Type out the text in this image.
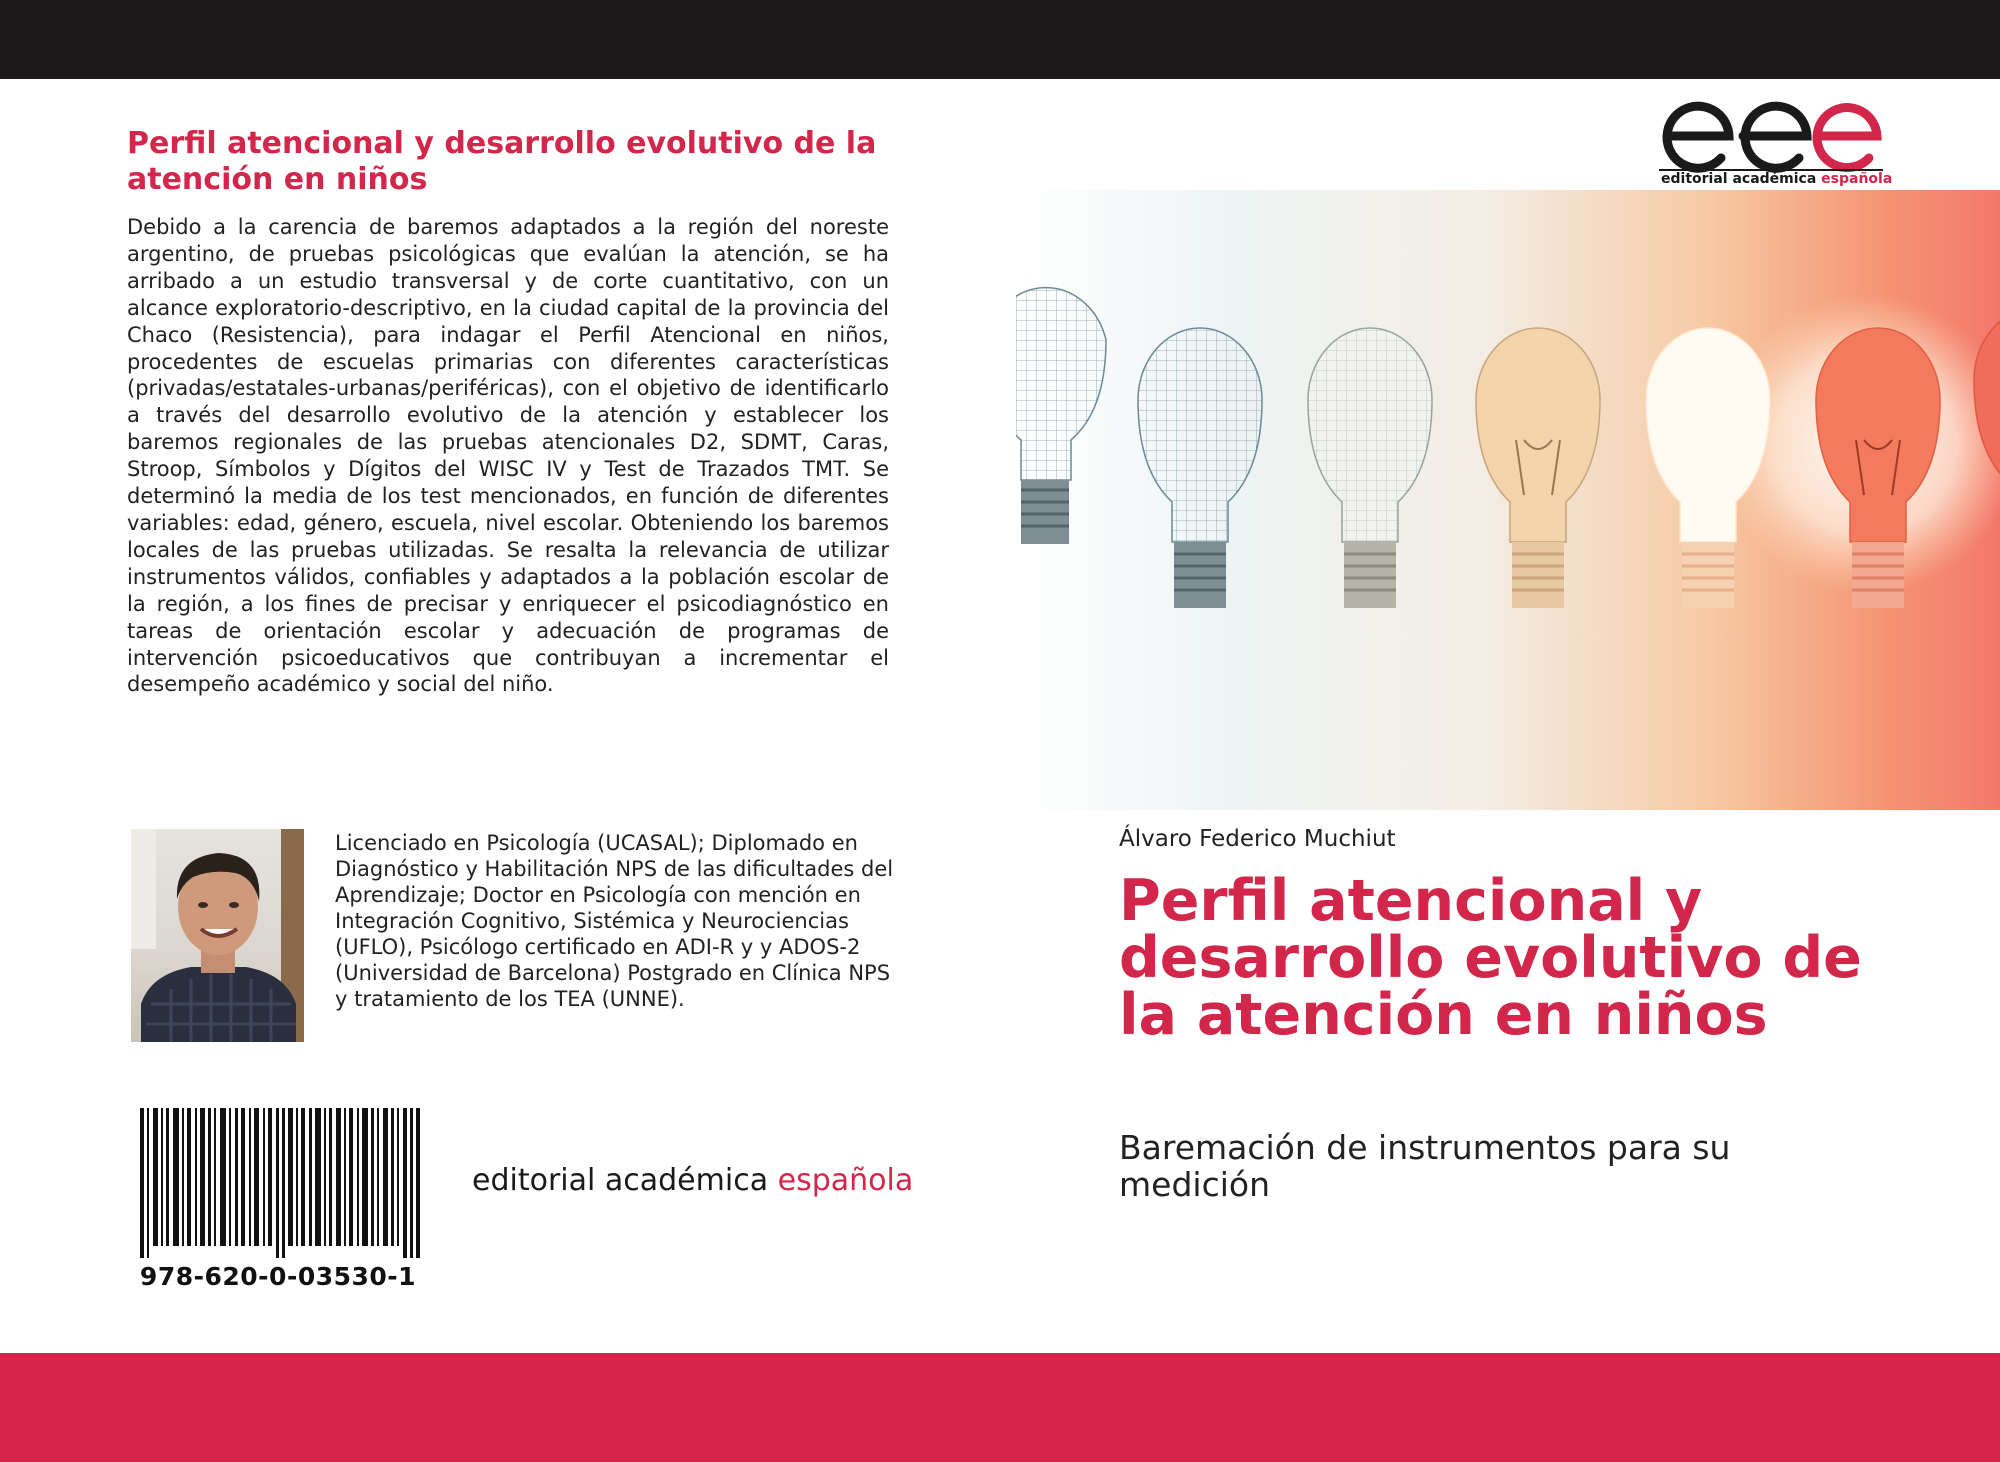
Perfil atencional y desarrollo evolutivo de la atención en niños

Debido a la carencia de baremos adaptados a la región del noreste argentino, de pruebas psicológicas que evalúan la atención, se ha arribado a un estudio transversal y de corte cuantitativo, con un alcance exploratorio-descriptivo, en la ciudad capital de la provincia del Chaco (Resistencia), para indagar el Perfil Atencional en niños, procedentes de escuelas primarias con diferentes características (privadas/estatales-urbanas/periféricas), con el objetivo de identificarlo a través del desarrollo evolutivo de la atención y establecer los baremos regionales de las pruebas atencionales D2, SDMT, Caras, Stroop, Símbolos y Dígitos del WISC IV y Test de Trazados TMT. Se determinó la media de los test mencionados, en función de diferentes variables: edad, género, escuela, nivel escolar. Obteniendo los baremos locales de las pruebas utilizadas. Se resalta la relevancia de utilizar instrumentos válidos, confiables y adaptados a la población escolar de la región, a los fines de precisar y enriquecer el psicodiagnóstico en tareas de orientación escolar y adecuación de programas de intervención psicoeducativos que contribuyan a incrementar el desempeño académico y social del niño.

Licenciado en Psicología (UCASAL); Diplomado en Diagnóstico y Habilitación NPS de las dificultades del Aprendizaje; Doctor en Psicología con mención en Integración Cognitivo, Sistémica y Neurociencias (UFLO), Psicólogo certificado en ADI-R y y ADOS-2 (Universidad de Barcelona) Postgrado en Clínica NPS y tratamiento de los TEA (UNNE).

978-620-0-03530-1
editorial académica española
editorial académica española
Álvaro Federico Muchiut
Perfil atencional y desarrollo evolutivo de la atención en niños
Baremación de instrumentos para su medición
